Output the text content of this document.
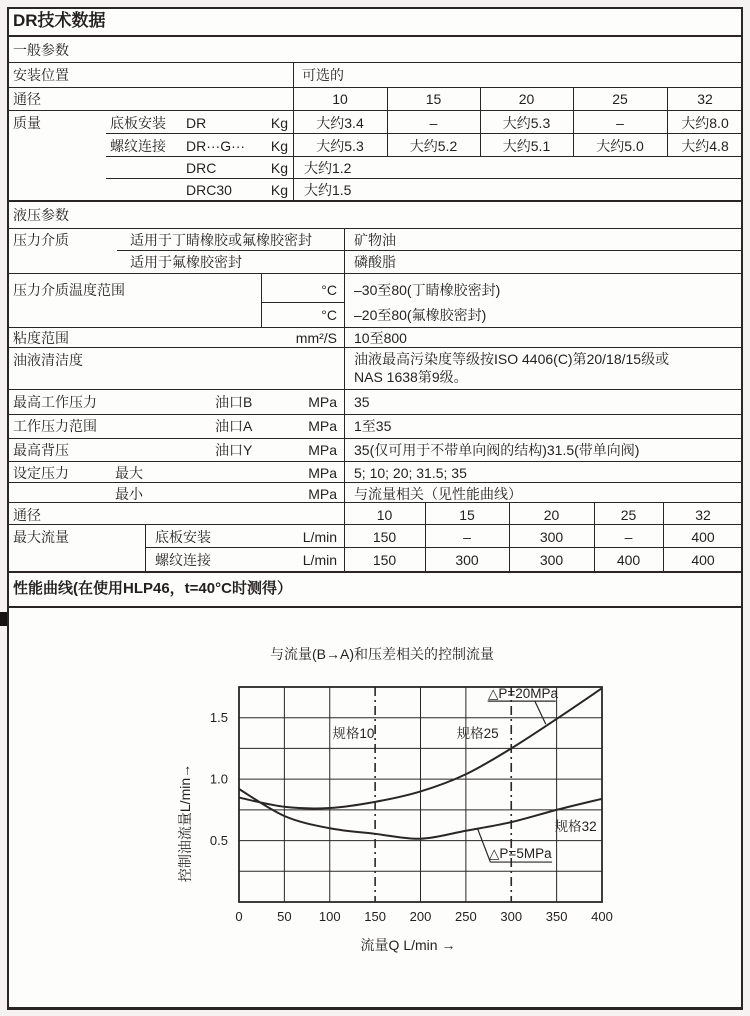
DR技术数据
一般参数
安装位置	可选的
通径	10	15	20	25	32
质量	底板安装 DR	Kg	大约3.4	–	大约5.3	–	大约8.0
螺纹连接 DR···G···	Kg	大约5.3	大约5.2	大约5.1	大约5.0	大约4.8
DRC	Kg 大约1.2
DRC30	Kg 大约1.5
液压参数
压力介质	适用于丁睛橡胶或氟橡胶密封	矿物油
适用于氟橡胶密封	磷酸脂
压力介质温度范围	°C –30至80(丁睛橡胶密封)
°C –20至80(氟橡胶密封)
粘度范围	mm²/S 10至800
油液清洁度	油液最高污染度等级按ISO 4406(C)第20/18/15级或
NAS 1638第9级。
最高工作压力	油口B	MPa 35
工作压力范围	油口A	MPa 1至35
最高背压	油口Y	MPa 35(仅可用于不带单向阀的结构)31.5(带单向阀)
设定压力	最大	MPa 5; 10; 20; 31.5; 35
最小	MPa 与流量相关（见性能曲线）
通径	10	15	20	25	32
最大流量	底板安装	L/min	150	–	300	–	400
螺纹连接	L/min	150	300	300	400	400
性能曲线(在使用HLP46，t=40°C时测得）
0	50 100 150 200 250 300 350 400
0.5
1.0
1.5
与流量(B→A)和压差相关的控制流量
流量Q L/min →
控制油流量L/min→
规格10	规格25
规格32
△P=20MPa
△P=5MPa
